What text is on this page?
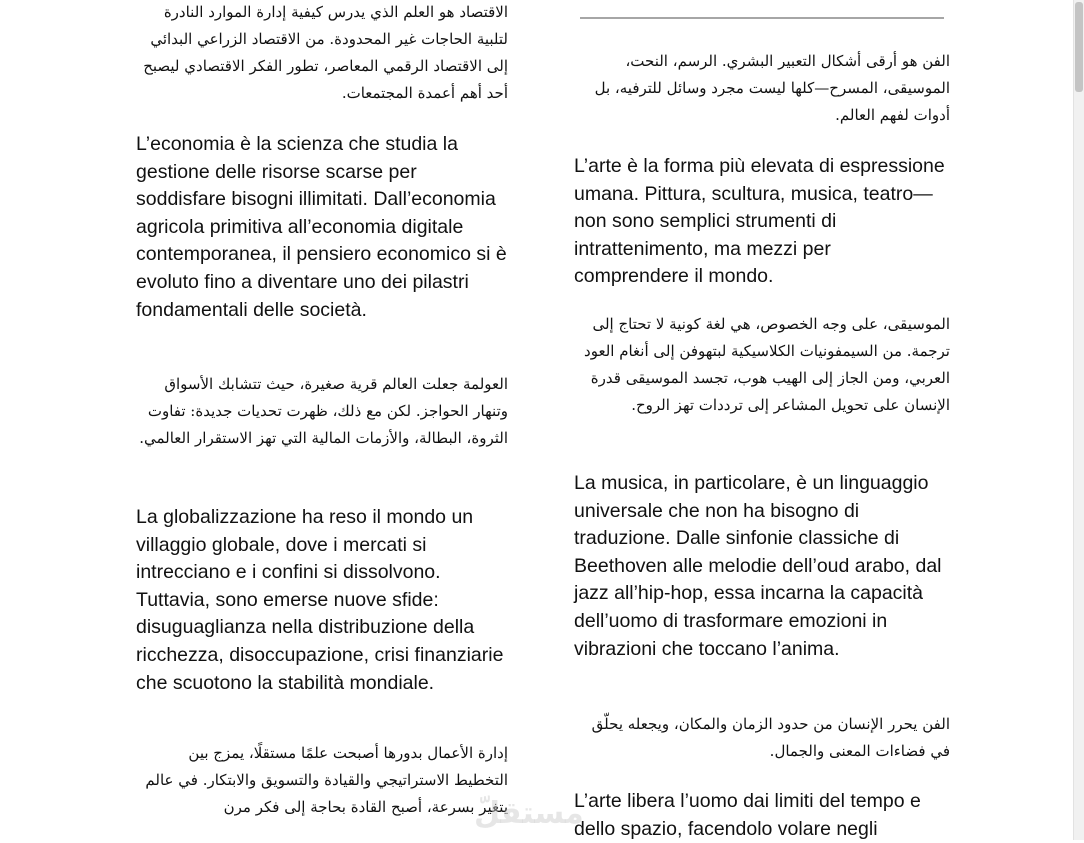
الاقتصاد هو العلم الذي يدرس كيفية إدارة الموارد النادرة لتلبية الحاجات غير المحدودة. من الاقتصاد الزراعي البدائي إلى الاقتصاد الرقمي المعاصر، تطور الفكر الاقتصادي ليصبح أحد أهم أعمدة المجتمعات.

L’economia è la scienza che studia la gestione delle risorse scarse per soddisfare bisogni illimitati. Dall’economia agricola primitiva all’economia digitale contemporanea, il pensiero economico si è evoluto fino a diventare uno dei pilastri fondamentali delle società.

العولمة جعلت العالم قرية صغيرة، حيث تتشابك الأسواق وتنهار الحواجز. لكن مع ذلك، ظهرت تحديات جديدة: تفاوت الثروة، البطالة، والأزمات المالية التي تهز الاستقرار العالمي.

La globalizzazione ha reso il mondo un villaggio globale, dove i mercati si intrecciano e i confini si dissolvono. Tuttavia, sono emerse nuove sfide: disuguaglianza nella distribuzione della ricchezza, disoccupazione, crisi finanziarie che scuotono la stabilità mondiale.

إدارة الأعمال بدورها أصبحت علمًا مستقلًا، يمزج بين التخطيط الاستراتيجي والقيادة والتسويق والابتكار. في عالم يتغير بسرعة، أصبح القادة بحاجة إلى فكر مرن

الفن هو أرقى أشكال التعبير البشري. الرسم، النحت، الموسيقى، المسرح—كلها ليست مجرد وسائل للترفيه، بل أدوات لفهم العالم.

L’arte è la forma più elevata di espressione umana. Pittura, scultura, musica, teatro—non sono semplici strumenti di intrattenimento, ma mezzi per comprendere il mondo.

الموسيقى، على وجه الخصوص، هي لغة كونية لا تحتاج إلى ترجمة. من السيمفونيات الكلاسيكية لبتهوفن إلى أنغام العود العربي، ومن الجاز إلى الهيب هوب، تجسد الموسيقى قدرة الإنسان على تحويل المشاعر إلى ترددات تهز الروح.

La musica, in particolare, è un linguaggio universale che non ha bisogno di traduzione. Dalle sinfonie classiche di Beethoven alle melodie dell’oud arabo, dal jazz all’hip-hop, essa incarna la capacità dell’uomo di trasformare emozioni in vibrazioni che toccano l’anima.

الفن يحرر الإنسان من حدود الزمان والمكان، ويجعله يحلّق في فضاءات المعنى والجمال.

L’arte libera l’uomo dai limiti del tempo e dello spazio, facendolo volare negli

مستقلّ
